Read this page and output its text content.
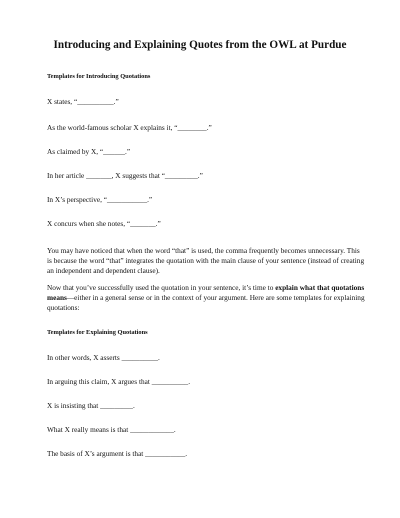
Introducing and Explaining Quotes from the OWL at Purdue
Templates for Introducing Quotations
X states, “__________.”
As the world-famous scholar X explains it, “________.”
As claimed by X, “______.”
In her article _______, X suggests that “_________.”
In X’s perspective, “___________.”
X concurs when she notes, “_______.”
You may have noticed that when the word “that” is used, the comma frequently becomes unnecessary. This is because the word “that” integrates the quotation with the main clause of your sentence (instead of creating an independent and dependent clause).
Now that you’ve successfully used the quotation in your sentence, it’s time to explain what that quotations means—either in a general sense or in the context of your argument. Here are some templates for explaining quotations:
Templates for Explaining Quotations
In other words, X asserts __________.
In arguing this claim, X argues that __________.
X is insisting that _________.
What X really means is that ____________.
The basis of X’s argument is that ___________.
